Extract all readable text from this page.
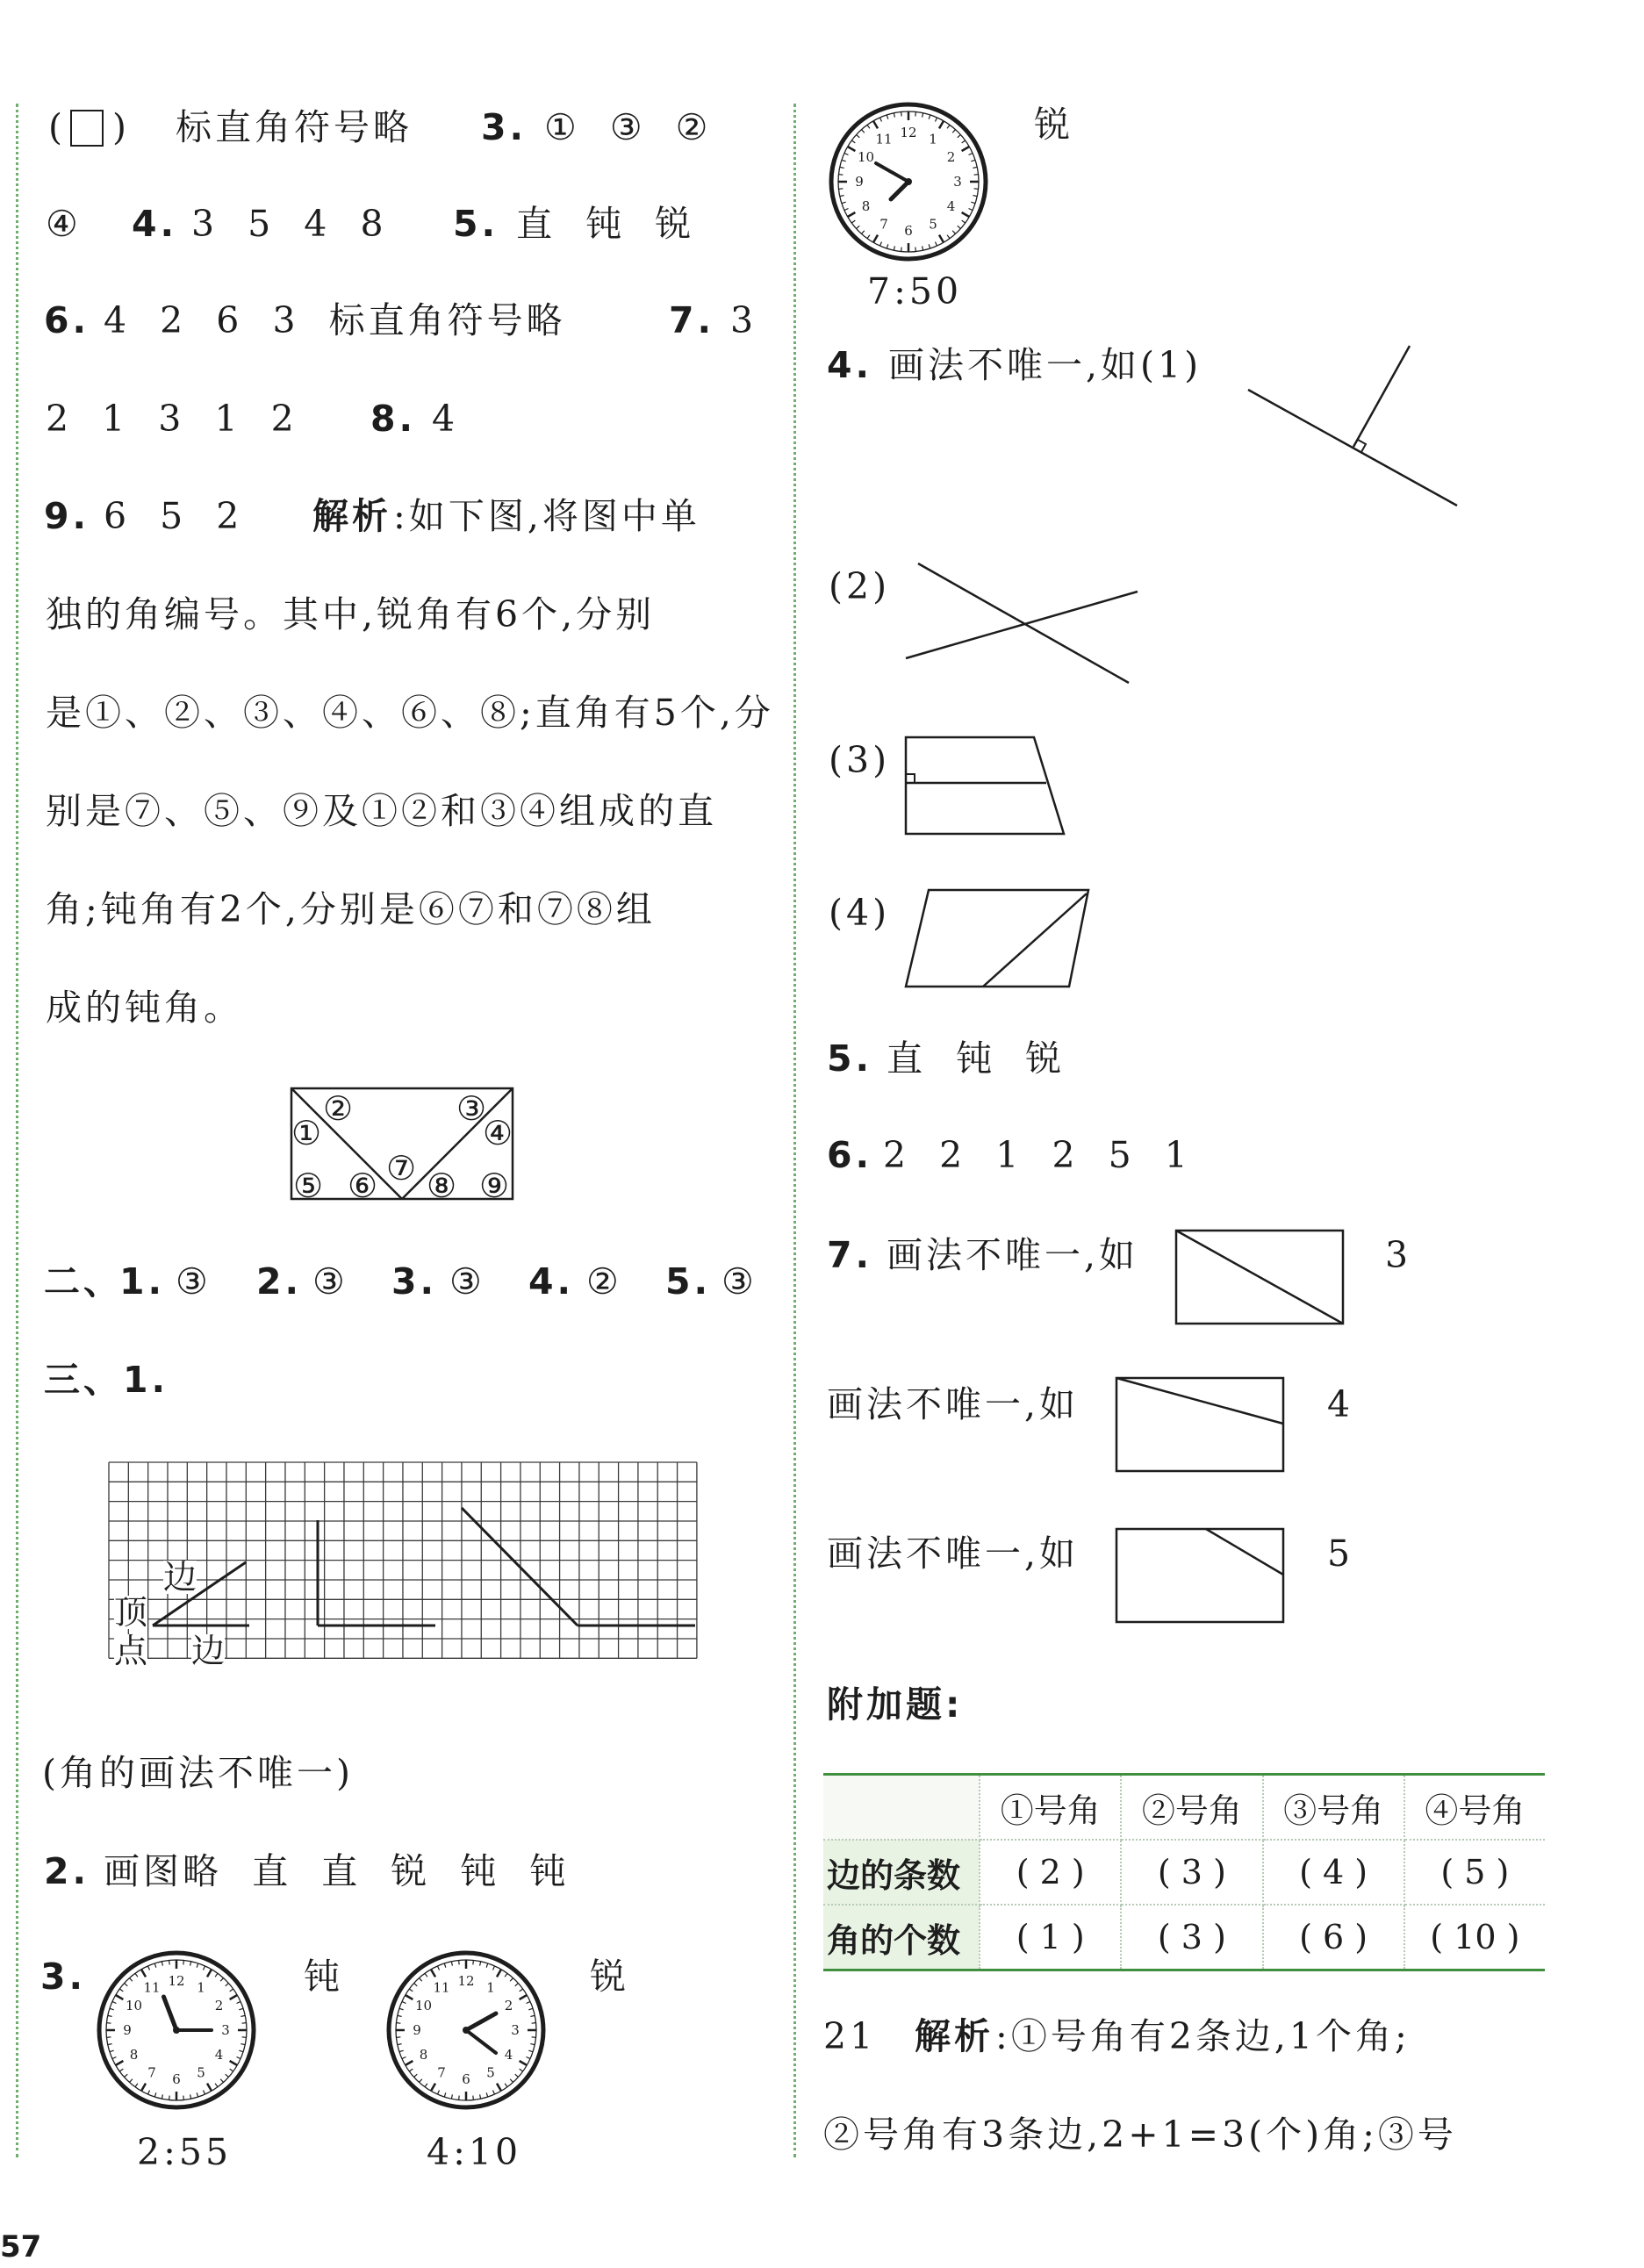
( ) 标直角符号略 3. ①  ③  ②
④ 4. 3  5  4  8 5. 直  钝  锐
6. 4  2  6  3  标直角符号略	7. 3
2  1  3  1  2 8. 4
9. 6  5  2 解析 :如下图,将图中单
独的角编号。其中,锐角有6个,分别
是①、②、③、④、⑥、⑧;直角有5个,分
别是⑦、⑤、⑨及①②和③④组成的直
角;钝角有2个,分别是⑥⑦和⑦⑧组
成的钝角。
①
②	③
④
⑤ ⑥ ⑦ ⑧ ⑨
二、
1. ③ 2. ③ 3. ③ 4. ② 5. ③
三、1.
边
顶
点 边
(角的画法不唯一)
2. 画图略  直  直  锐  钝  钝
3.	1
2
3
4
5
6
7
8
9
10
11 12	钝
2:55
1
2
3
4
5
6
7
8
9
10
11 12	锐
4:10
1
2
3
4
5
6
7
8
9
10
11 12	锐
7:50
4. 画法不唯一,如(1)
(2)
(3)
(4)
5. 直  钝  锐
6. 2  2  1  2  5  1
7. 画法不唯一,如	3
画法不唯一,如	4
画法不唯一,如	5
附加题:
	①号角	②号角	③号角	④号角
边的条数	( 2 )	( 3 )	( 4 )	( 5 )
角的个数	( 1 )	( 3 )	( 6 )	( 10 )
21 解析 :①号角有2条边,1个角;
②号角有3条边,2+1=3(个)角;③号
57
